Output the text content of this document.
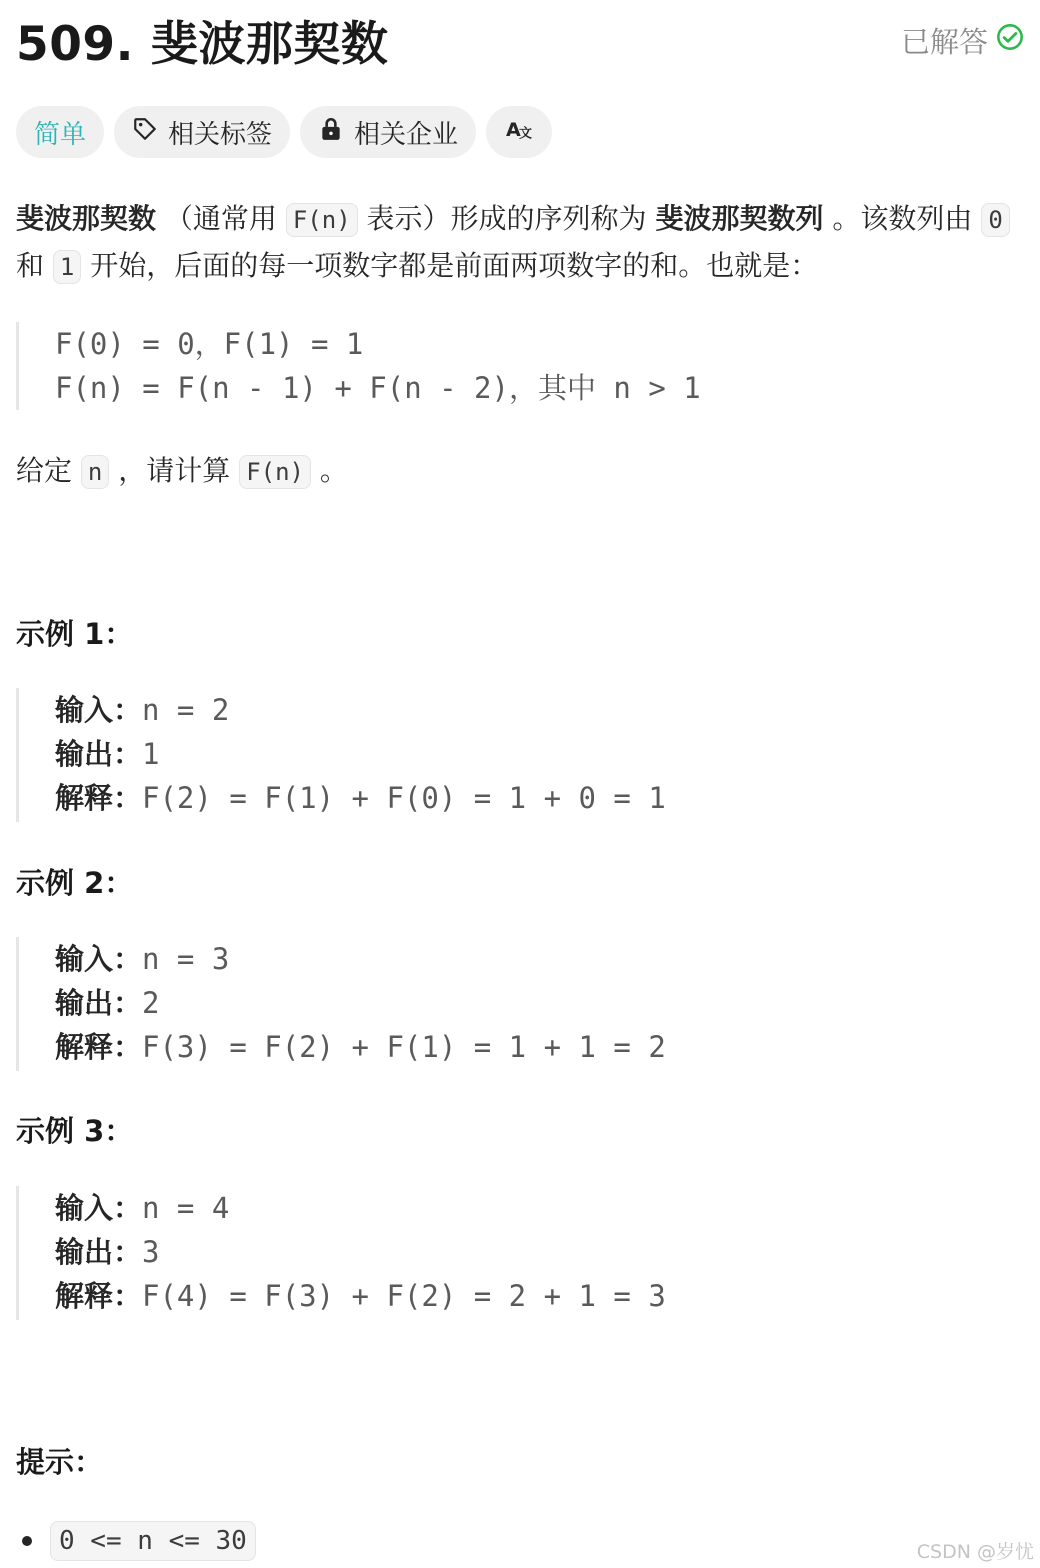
509. 斐波那契数	已解答
简单	相关标签	相关企业 A
文
斐波那契数 （通常用 F(n) 表示）形成的序列称为 斐波那契数列 。该数列由 0 和 1 开始，后面的每一项数字都是前面两项数字的和。也就是：
F(0) = 0，F(1) = 1
F(n) = F(n - 1) + F(n - 2)，其中 n > 1
给定 n ，请计算 F(n) 。
示例 1：
输入：n = 2
输出：1
解释：F(2) = F(1) + F(0) = 1 + 0 = 1
示例 2：
输入：n = 3
输出：2
解释：F(3) = F(2) + F(1) = 1 + 1 = 2
示例 3：
输入：n = 4
输出：3
解释：F(4) = F(3) + F(2) = 2 + 1 = 3
提示：
0 <= n <= 30	CSDN @岁忧
